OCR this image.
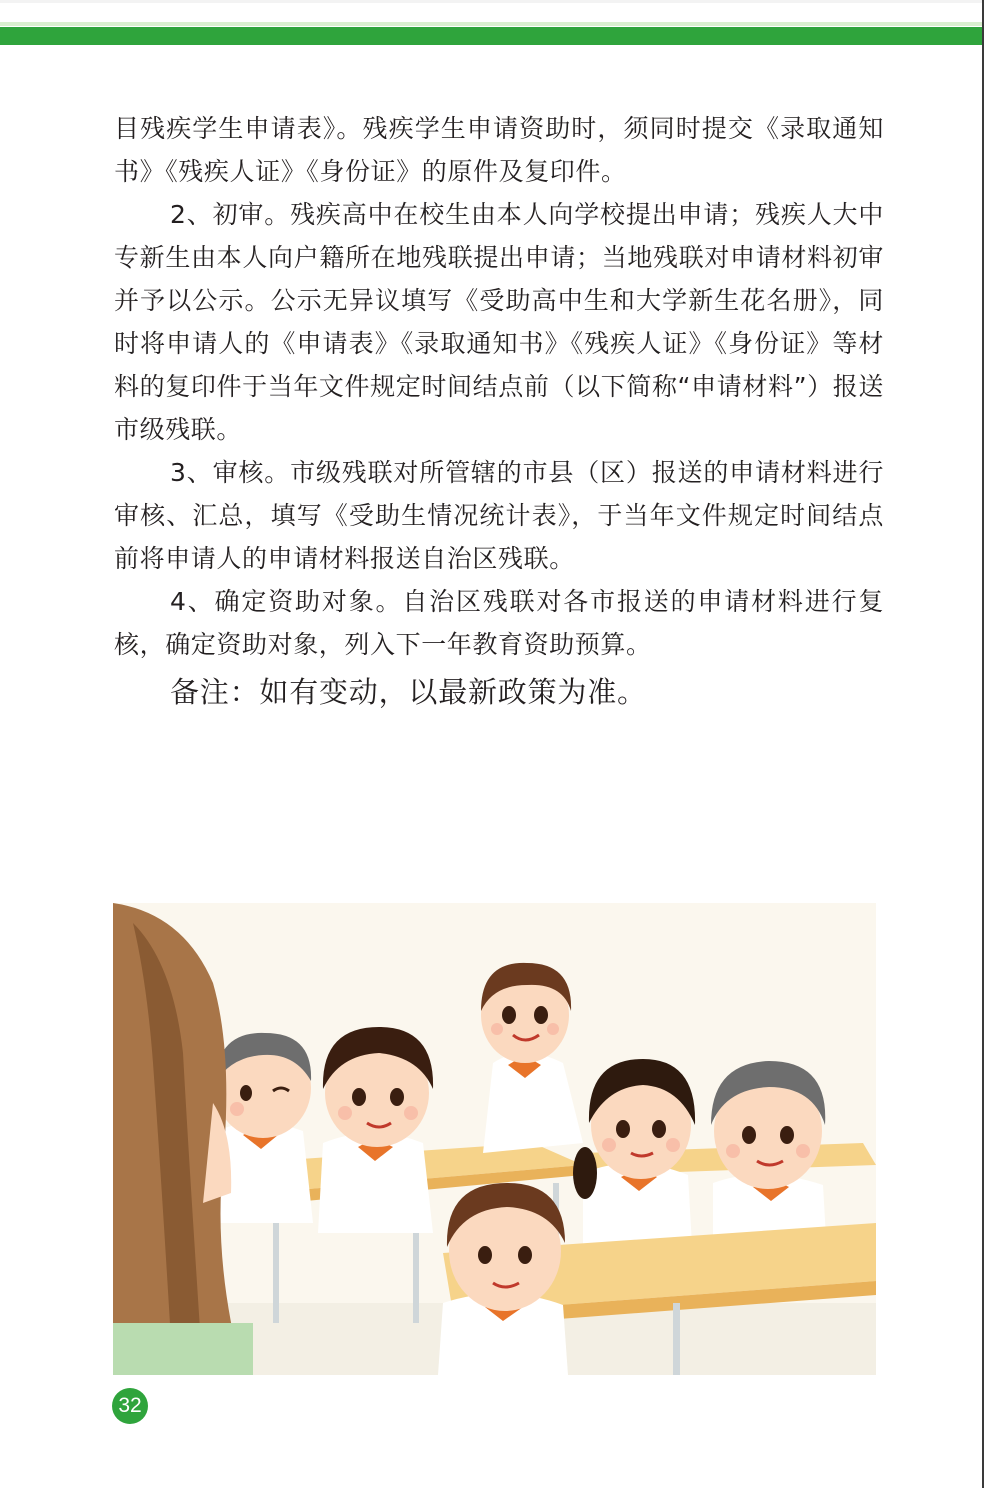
目残疾学生申请表》。残疾学生申请资助时，须同时提交《录取通知书》《残疾人证》《身份证》的原件及复印件。

2、初审。残疾高中在校生由本人向学校提出申请；残疾人大中专新生由本人向户籍所在地残联提出申请；当地残联对申请材料初审并予以公示。公示无异议填写《受助高中生和大学新生花名册》，同时将申请人的《申请表》《录取通知书》《残疾人证》《身份证》等材料的复印件于当年文件规定时间结点前（以下简称“申请材料”）报送市级残联。

3、审核。市级残联对所管辖的市县（区）报送的申请材料进行审核、汇总，填写《受助生情况统计表》，于当年文件规定时间结点前将申请人的申请材料报送自治区残联。

4、确定资助对象。自治区残联对各市报送的申请材料进行复核，确定资助对象，列入下一年教育资助预算。

备注：如有变动，以最新政策为准。

32
